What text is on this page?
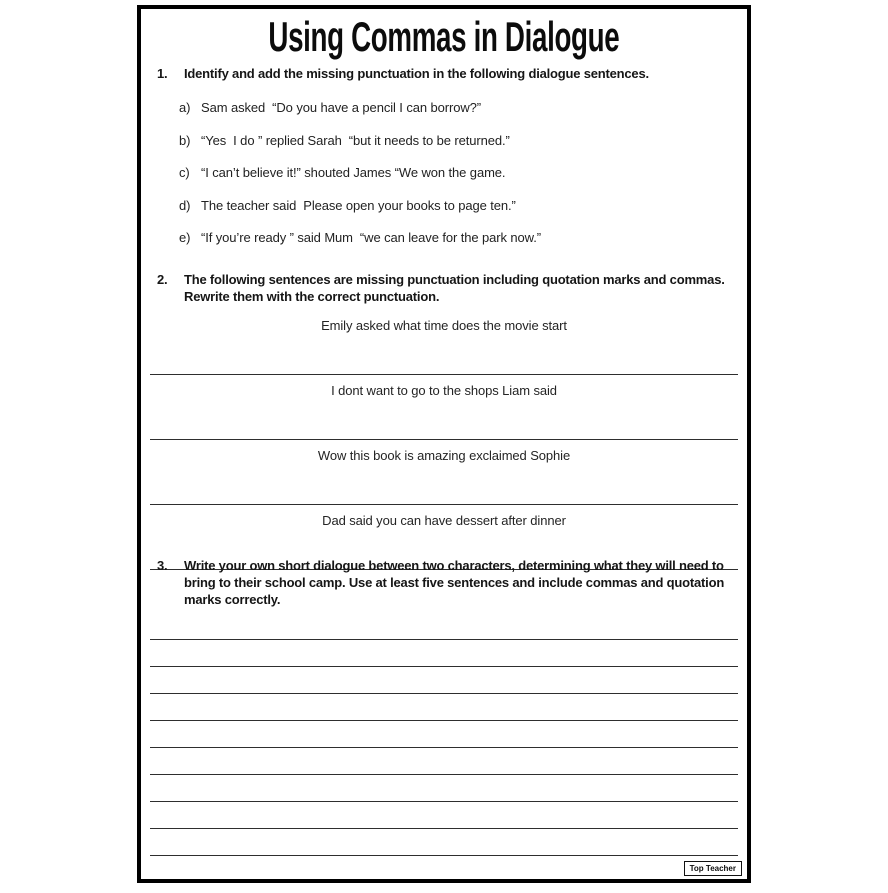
Using Commas in Dialogue
1.	Identify and add the missing punctuation in the following dialogue sentences.
a) Sam asked  “Do you have a pencil I can borrow?”
b) “Yes  I do ” replied Sarah  “but it needs to be returned.”
c) “I can’t believe it!” shouted James “We won the game.
d) The teacher said  Please open your books to page ten.”
e) “If you’re ready ” said Mum  “we can leave for the park now.”
2.	The following sentences are missing punctuation including quotation marks and commas. Rewrite them with the correct punctuation.
Emily asked what time does the movie start
I dont want to go to the shops Liam said
Wow this book is amazing exclaimed Sophie
Dad said you can have dessert after dinner
3.	Write your own short dialogue between two characters, determining what they will need to bring to their school camp. Use at least five sentences and include commas and quotation marks correctly.
Top Teacher
